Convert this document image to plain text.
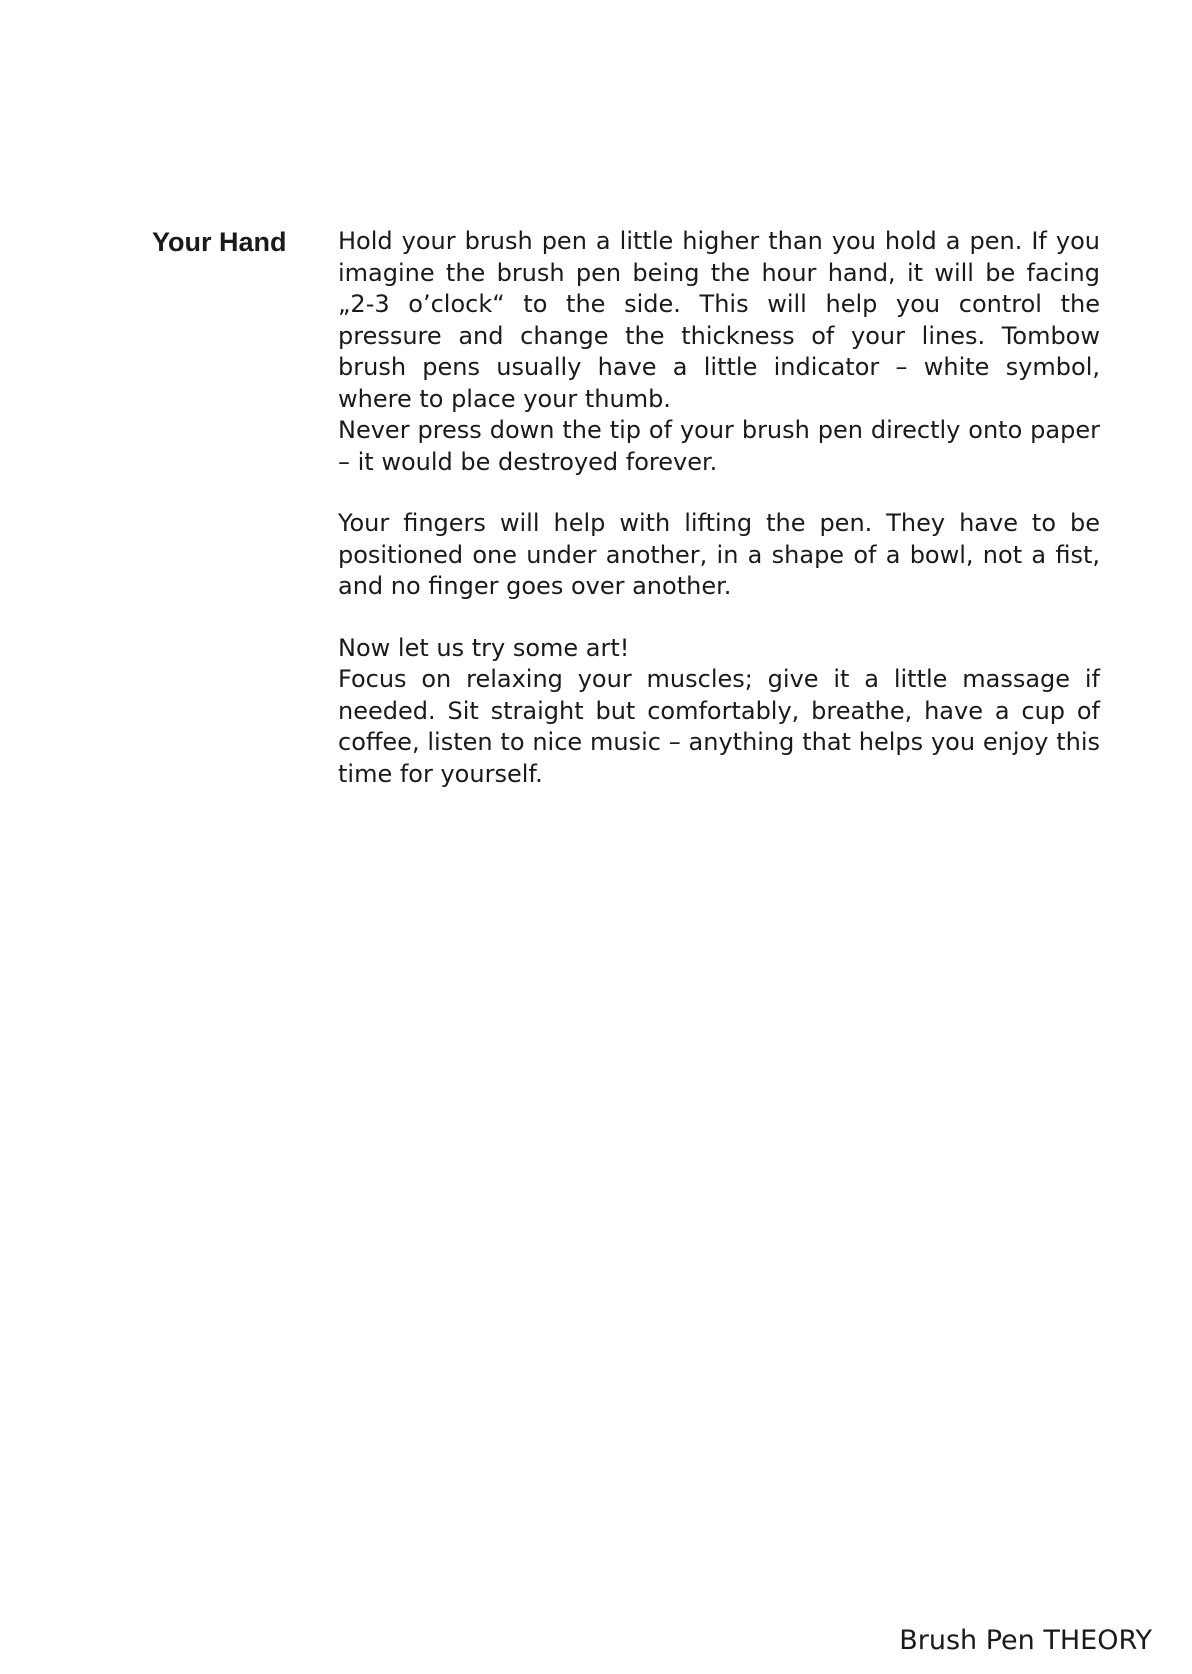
Your Hand Hold your brush pen a little higher than you hold a pen. If you imagine the brush pen being the hour hand, it will be facing „2-3 o’clock“ to the side. This will help you control the pressure and change the thickness of your lines. Tombow brush pens usually have a little indicator – white symbol, where to place your thumb.

Never press down the tip of your brush pen directly onto paper – it would be destroyed forever.

Your fingers will help with lifting the pen. They have to be positioned one under another, in a shape of a bowl, not a fist, and no finger goes over another.

Now let us try some art!

Focus on relaxing your muscles; give it a little massage if needed. Sit straight but comfortably, breathe, have a cup of coffee, listen to nice music – anything that helps you enjoy this time for yourself.

Brush Pen THEORY
